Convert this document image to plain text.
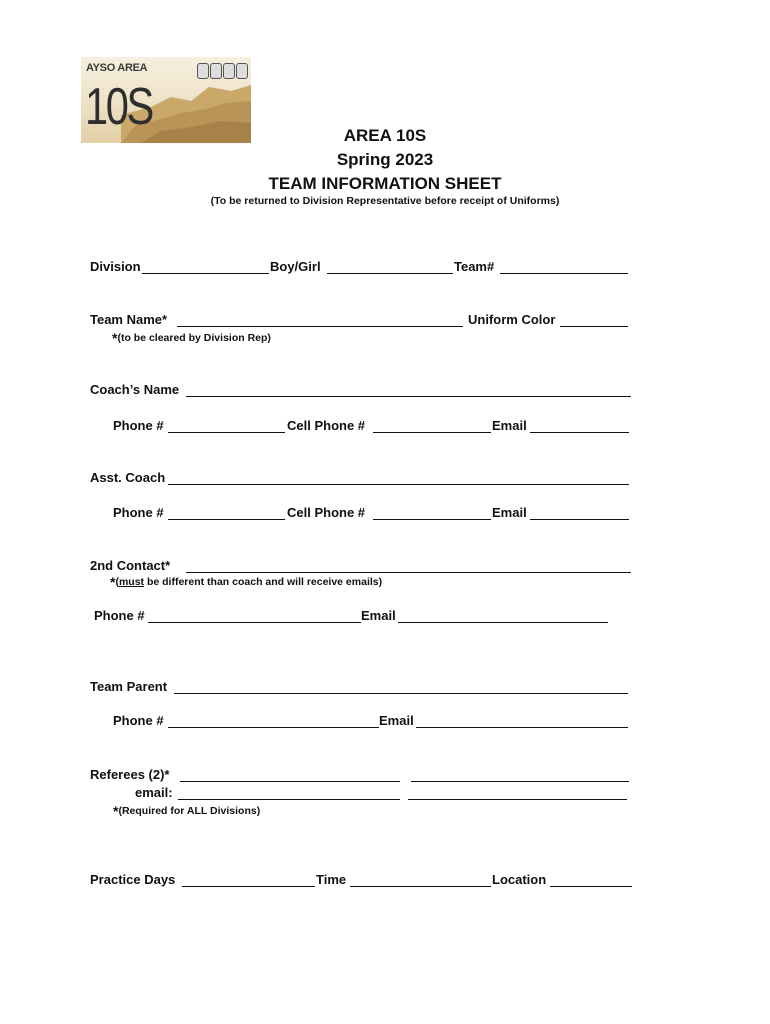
AYSO AREA
10S	AREA 10S
Spring 2023
TEAM INFORMATION SHEET
(To be returned to Division Representative before receipt of Uniforms)
Division	Boy/Girl	Team#
Team Name*	Uniform Color
*(to be cleared by Division Rep)
Coach’s Name
Phone #	Cell Phone #	Email
Asst. Coach
Phone #	Cell Phone #	Email
2nd Contact*
*(must be different than coach and will receive emails)
Phone #	Email
Team Parent
Phone #	Email
Referees (2)*
email:
*(Required for ALL Divisions)
Practice Days	Time	Location
